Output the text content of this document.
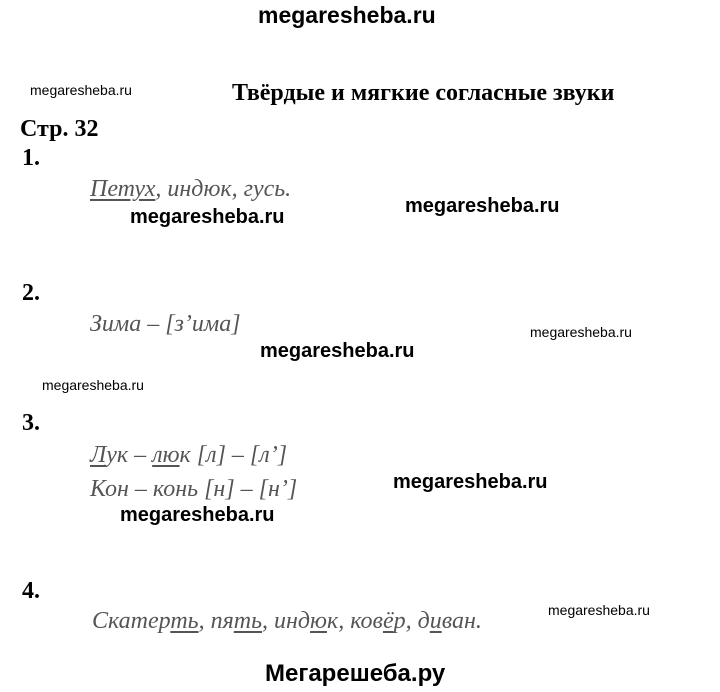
megaresheba.ru
megaresheba.ru	Твёрдые и мягкие согласные звуки
Стр. 32
1.
Петух, индюк, гусь.
megaresheba.ru	megaresheba.ru
2.
Зима – [з’има]	megaresheba.ru
megaresheba.ru
megaresheba.ru
3.
Лук – люк [л] – [л’]
Кон – конь [н] – [н’]	megaresheba.ru
megaresheba.ru
4.
megaresheba.ru
Скатерть, пять, индюк, ковёр, диван.
Мегарешеба.ру
